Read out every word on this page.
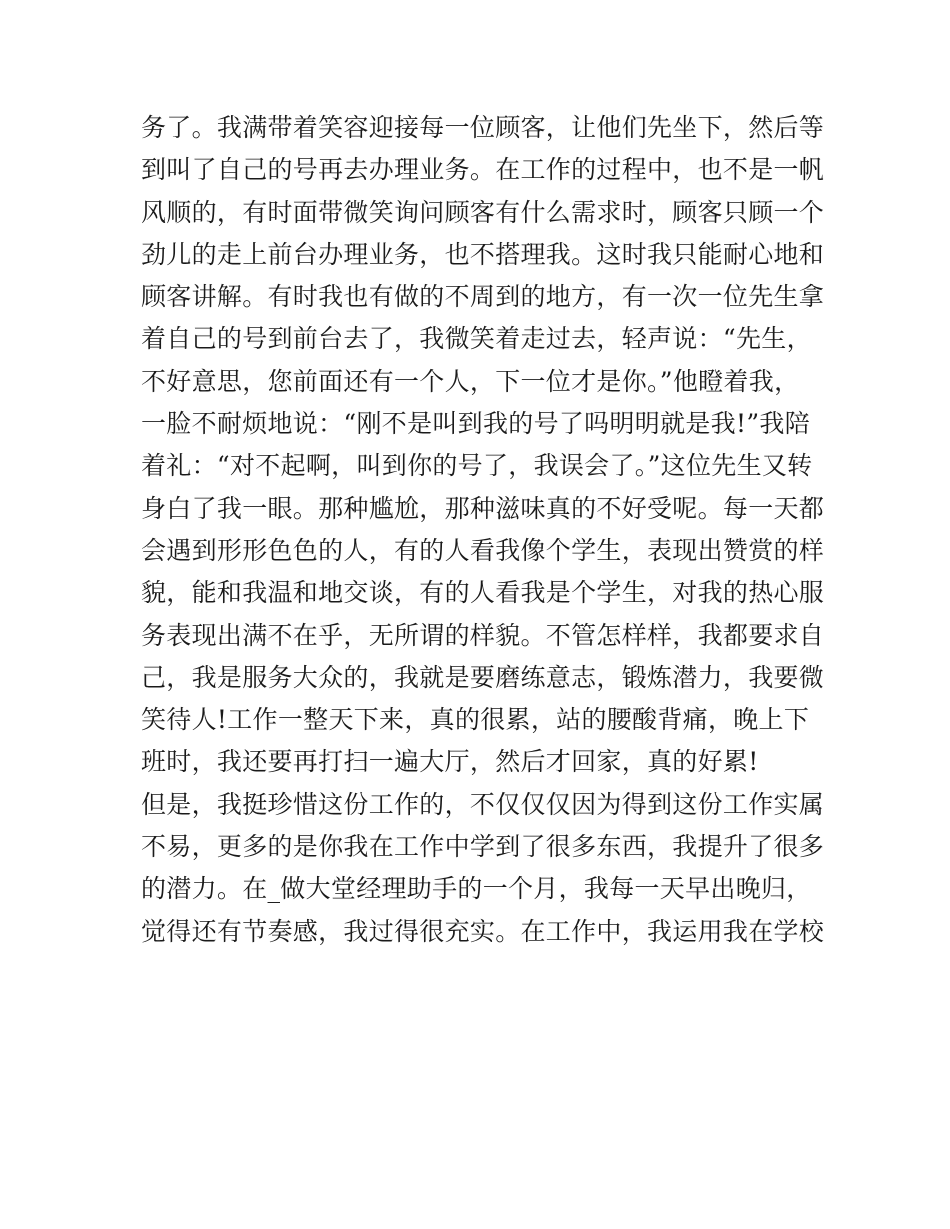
务了。我满带着笑容迎接每一位顾客，让他们先坐下，然后等
到叫了自己的号再去办理业务。在工作的过程中，也不是一帆
风顺的，有时面带微笑询问顾客有什么需求时，顾客只顾一个
劲儿的走上前台办理业务，也不搭理我。这时我只能耐心地和
顾客讲解。有时我也有做的不周到的地方，有一次一位先生拿
着自己的号到前台去了，我微笑着走过去，轻声说：“先生，
不好意思，您前面还有一个人，下一位才是你。”他瞪着我，
一脸不耐烦地说：“刚不是叫到我的号了吗明明就是我!”我陪
着礼：“对不起啊，叫到你的号了，我误会了。”这位先生又转
身白了我一眼。那种尴尬，那种滋味真的不好受呢。每一天都
会遇到形形色色的人，有的人看我像个学生，表现出赞赏的样
貌，能和我温和地交谈，有的人看我是个学生，对我的热心服
务表现出满不在乎，无所谓的样貌。不管怎样样，我都要求自
己，我是服务大众的，我就是要磨练意志，锻炼潜力，我要微
笑待人!工作一整天下来，真的很累，站的腰酸背痛，晚上下
班时，我还要再打扫一遍大厅，然后才回家，真的好累!
但是，我挺珍惜这份工作的，不仅仅仅因为得到这份工作实属
不易，更多的是你我在工作中学到了很多东西，我提升了很多
的潜力。在_做大堂经理助手的一个月，我每一天早出晚归，
觉得还有节奏感，我过得很充实。在工作中，我运用我在学校
